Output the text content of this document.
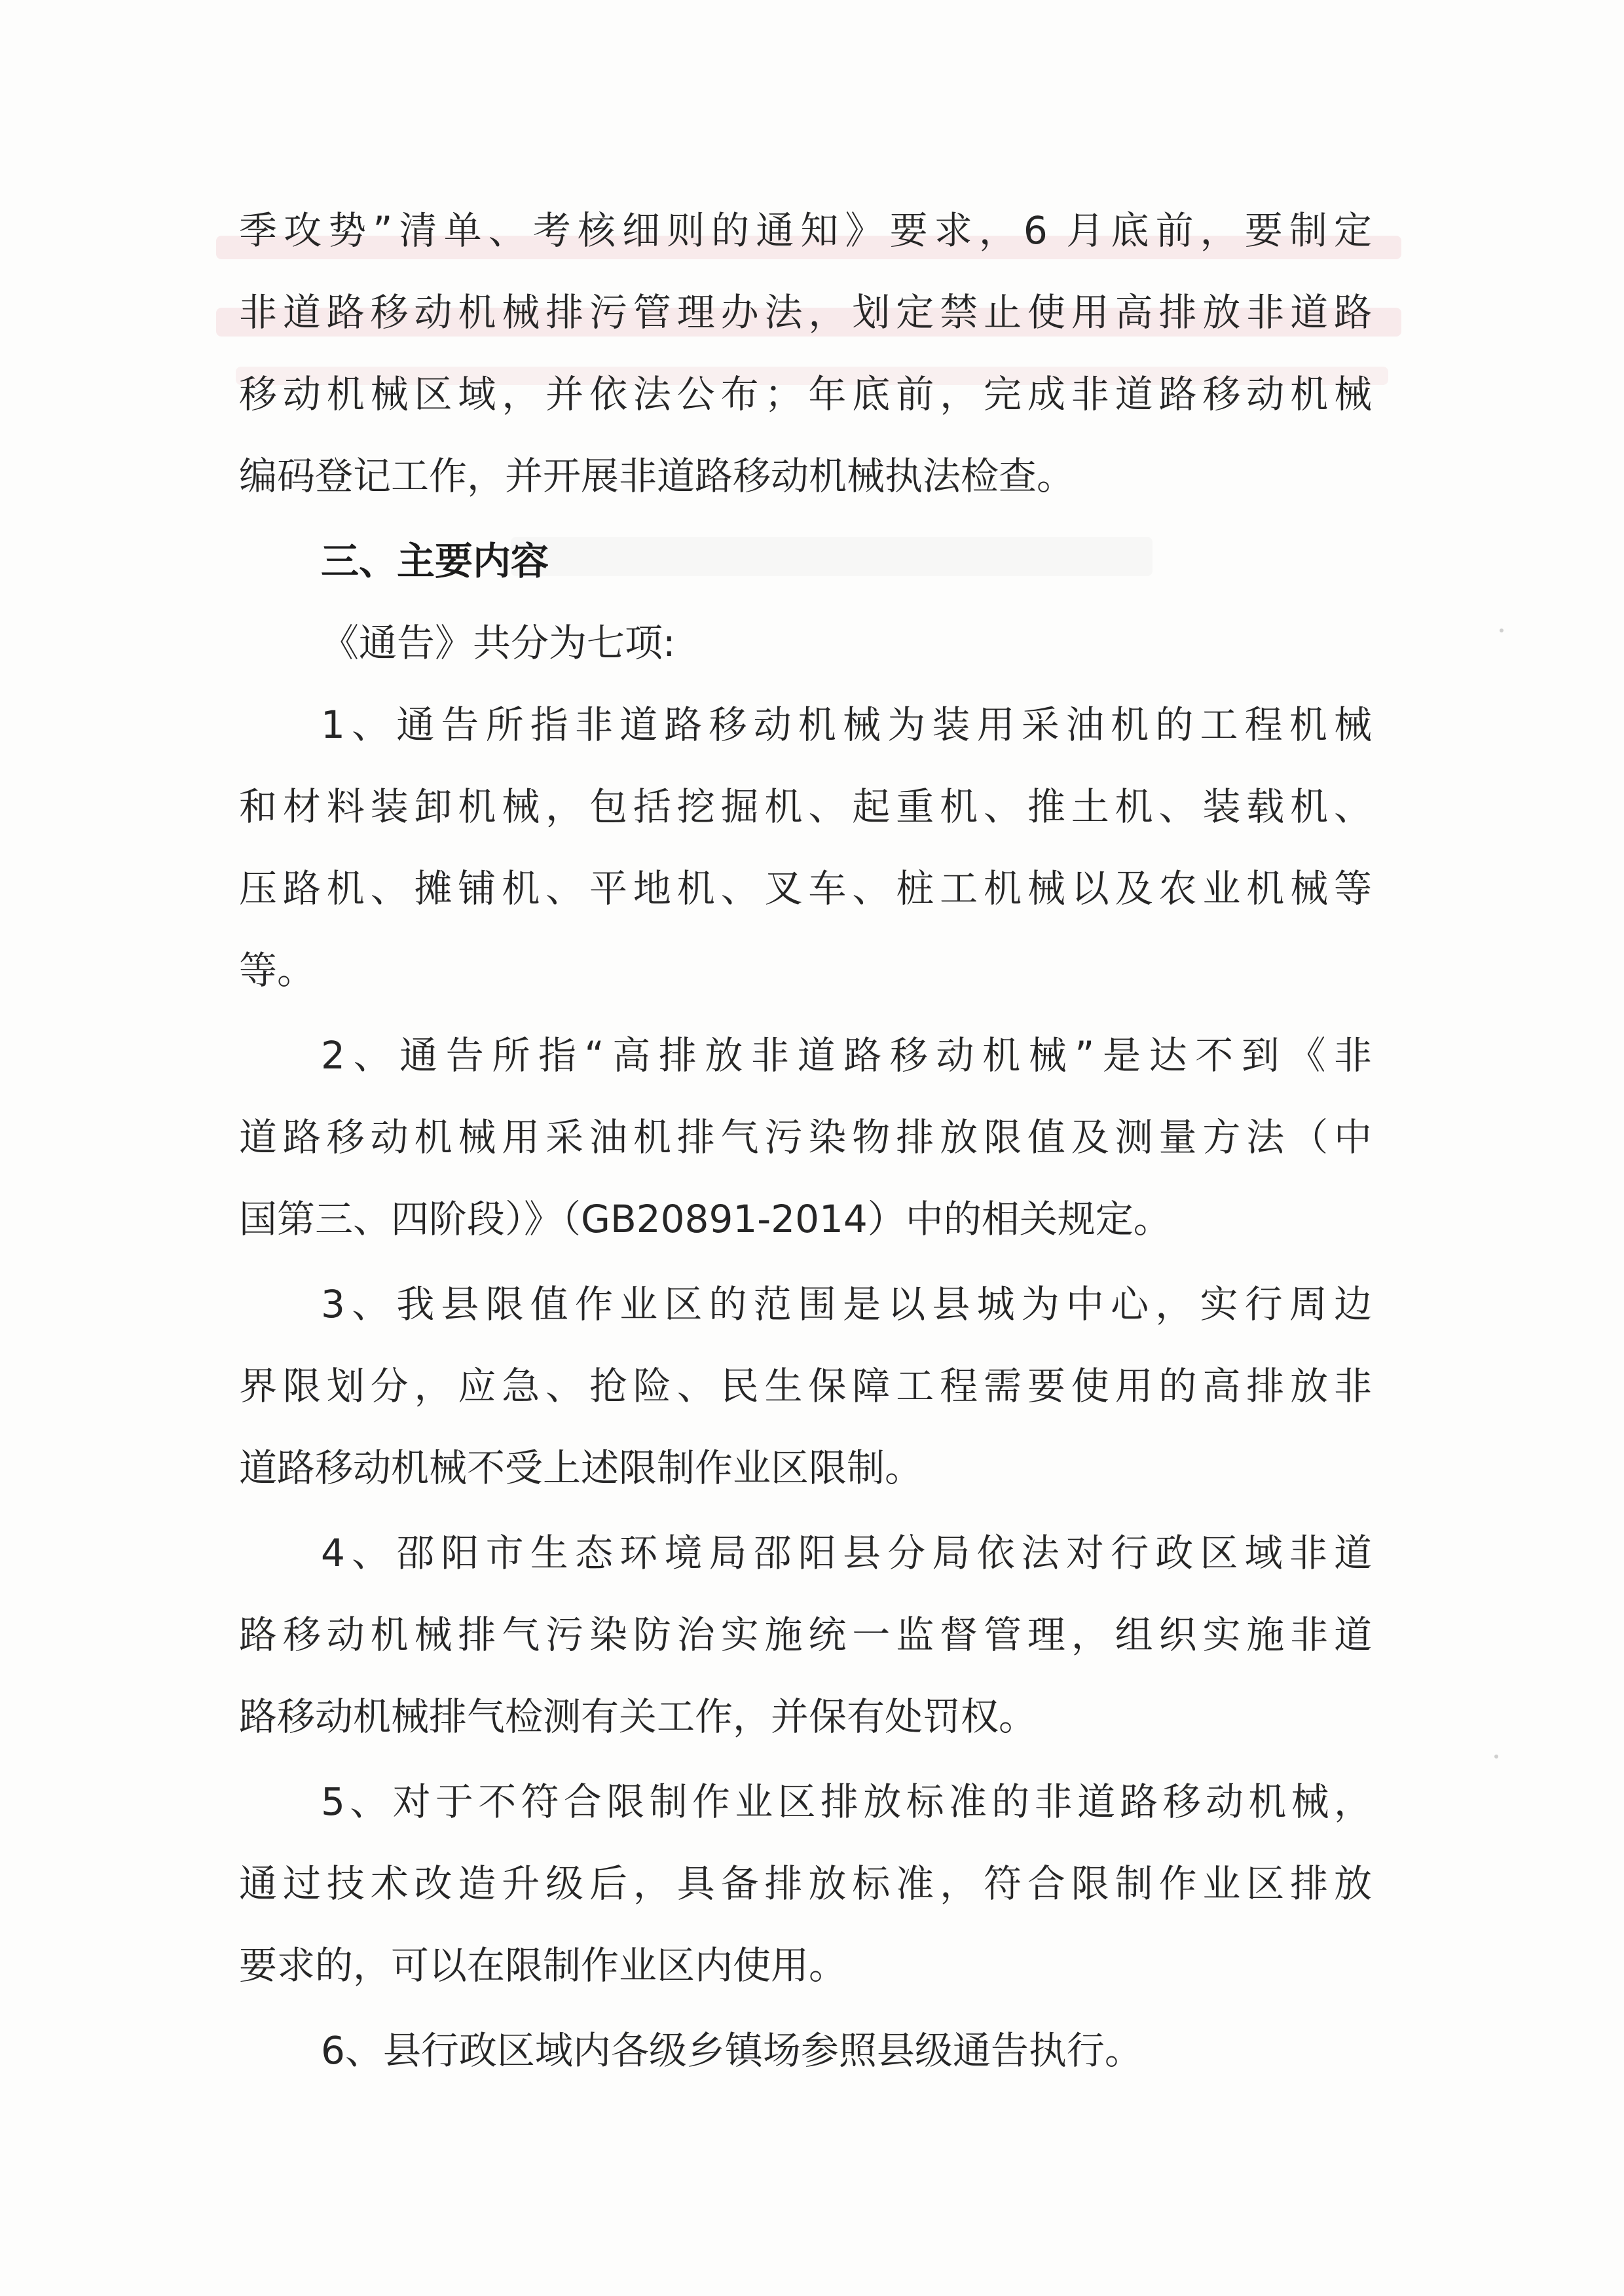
季攻势”清单、考核细则的通知》要求，6 月底前，要制定
非道路移动机械排污管理办法，划定禁止使用高排放非道路
移动机械区域，并依法公布；年底前，完成非道路移动机械
编码登记工作，并开展非道路移动机械执法检查。
三、主要内容
《通告》共分为七项:
1、通告所指非道路移动机械为装用采油机的工程机械
和材料装卸机械，包括挖掘机、起重机、推土机、装载机、
压路机、摊铺机、平地机、叉车、桩工机械以及农业机械等
等。
2、通告所指“高排放非道路移动机械”是达不到《非
道路移动机械用采油机排气污染物排放限值及测量方法（中
国第三、四阶段）》（GB20891-2014）中的相关规定。
3、我县限值作业区的范围是以县城为中心，实行周边
界限划分，应急、抢险、民生保障工程需要使用的高排放非
道路移动机械不受上述限制作业区限制。
4、邵阳市生态环境局邵阳县分局依法对行政区域非道
路移动机械排气污染防治实施统一监督管理，组织实施非道
路移动机械排气检测有关工作，并保有处罚权。
5、对于不符合限制作业区排放标准的非道路移动机械，
通过技术改造升级后，具备排放标准，符合限制作业区排放
要求的，可以在限制作业区内使用。
6、县行政区域内各级乡镇场参照县级通告执行。
